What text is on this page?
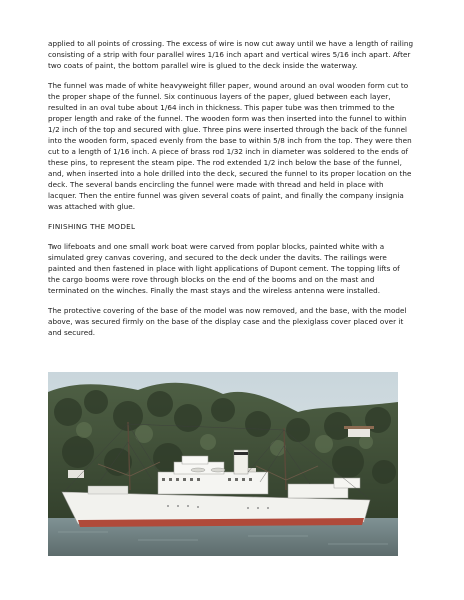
applied to all points of crossing. The excess of wire is now cut away until we have a length of railing consisting of a strip with four parallel wires 1/16 inch apart and vertical wires 5/16 inch apart. After two coats of paint, the bottom parallel wire is glued to the deck inside the waterway.

The funnel was made of white heavyweight filler paper, wound around an oval wooden form cut to the proper shape of the funnel. Six continuous layers of the paper, glued between each layer, resulted in an oval tube about 1/64 inch in thickness. This paper tube was then trimmed to the proper length and rake of the funnel. The wooden form was then inserted into the funnel to within 1/2 inch of the top and secured with glue. Three pins were inserted through the back of the funnel into the wooden form, spaced evenly from the base to within 5/8 inch from the top. They were then cut to a length of 1/16 inch. A piece of brass rod 1/32 inch in diameter was soldered to the ends of these pins, to represent the steam pipe. The rod extended 1/2 inch below the base of the funnel, and, when inserted into a hole drilled into the deck, secured the funnel to its proper location on the deck. The several bands encircling the funnel were made with thread and held in place with lacquer. Then the entire funnel was given several coats of paint, and finally the company insignia was attached with glue.

FINISHING THE MODEL

Two lifeboats and one small work boat were carved from poplar blocks, painted white with a simulated grey canvas covering, and secured to the deck under the davits. The railings were painted and then fastened in place with light applications of Dupont cement. The topping lifts of the cargo booms were rove through blocks on the end of the booms and on the mast and terminated on the winches. Finally the mast stays and the wireless antenna were installed.

The protective covering of the base of the model was now removed, and the base, with the model above, was secured firmly on the base of the display case and the plexiglass cover placed over it and secured.
